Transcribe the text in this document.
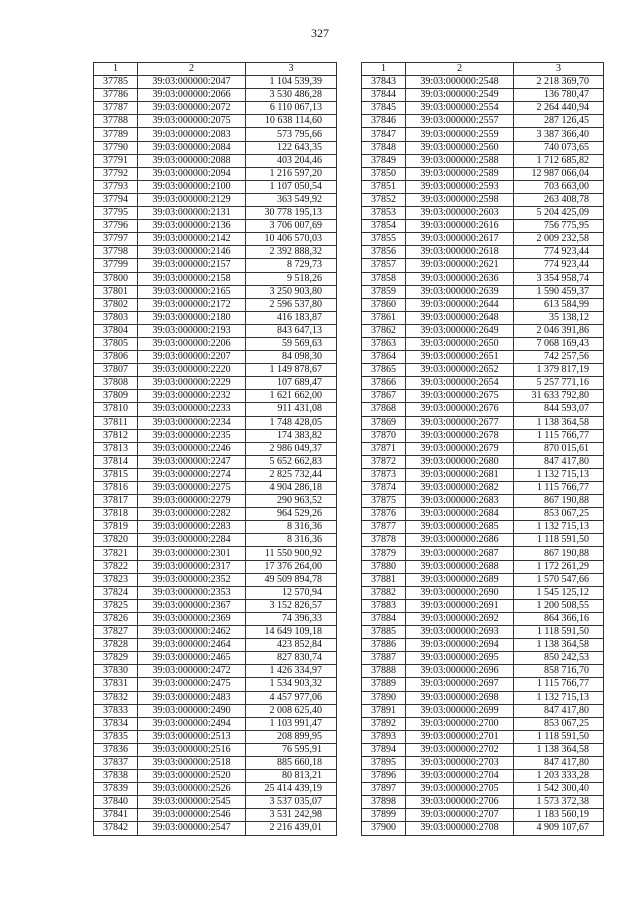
327
1	2	3
37785	39:03:000000:2047	1 104 539,39
37786	39:03:000000:2066	3 530 486,28
37787	39:03:000000:2072	6 110 067,13
37788	39:03:000000:2075	10 638 114,60
37789	39:03:000000:2083	573 795,66
37790	39:03:000000:2084	122 643,35
37791	39:03:000000:2088	403 204,46
37792	39:03:000000:2094	1 216 597,20
37793	39:03:000000:2100	1 107 050,54
37794	39:03:000000:2129	363 549,92
37795	39:03:000000:2131	30 778 195,13
37796	39:03:000000:2136	3 706 007,69
37797	39:03:000000:2142	10 406 570,03
37798	39:03:000000:2146	2 392 888,32
37799	39:03:000000:2157	8 729,73
37800	39:03:000000:2158	9 518,26
37801	39:03:000000:2165	3 250 903,80
37802	39:03:000000:2172	2 596 537,80
37803	39:03:000000:2180	416 183,87
37804	39:03:000000:2193	843 647,13
37805	39:03:000000:2206	59 569,63
37806	39:03:000000:2207	84 098,30
37807	39:03:000000:2220	1 149 878,67
37808	39:03:000000:2229	107 689,47
37809	39:03:000000:2232	1 621 662,00
37810	39:03:000000:2233	911 431,08
37811	39:03:000000:2234	1 748 428,05
37812	39:03:000000:2235	174 383,82
37813	39:03:000000:2246	2 986 049,37
37814	39:03:000000:2247	5 652 662,83
37815	39:03:000000:2274	2 825 732,44
37816	39:03:000000:2275	4 904 286,18
37817	39:03:000000:2279	290 963,52
37818	39:03:000000:2282	964 529,26
37819	39:03:000000:2283	8 316,36
37820	39:03:000000:2284	8 316,36
37821	39:03:000000:2301	11 550 900,92
37822	39:03:000000:2317	17 376 264,00
37823	39:03:000000:2352	49 509 894,78
37824	39:03:000000:2353	12 570,94
37825	39:03:000000:2367	3 152 826,57
37826	39:03:000000:2369	74 396,33
37827	39:03:000000:2462	14 649 109,18
37828	39:03:000000:2464	423 852,84
37829	39:03:000000:2465	827 830,74
37830	39:03:000000:2472	1 426 334,97
37831	39:03:000000:2475	1 534 903,32
37832	39:03:000000:2483	4 457 977,06
37833	39:03:000000:2490	2 008 625,40
37834	39:03:000000:2494	1 103 991,47
37835	39:03:000000:2513	208 899,95
37836	39:03:000000:2516	76 595,91
37837	39:03:000000:2518	885 660,18
37838	39:03:000000:2520	80 813,21
37839	39:03:000000:2526	25 414 439,19
37840	39:03:000000:2545	3 537 035,07
37841	39:03:000000:2546	3 531 242,98
37842	39:03:000000:2547	2 216 439,01
1	2	3
37843	39:03:000000:2548	2 218 369,70
37844	39:03:000000:2549	136 780,47
37845	39:03:000000:2554	2 264 440,94
37846	39:03:000000:2557	287 126,45
37847	39:03:000000:2559	3 387 366,40
37848	39:03:000000:2560	740 073,65
37849	39:03:000000:2588	1 712 685,82
37850	39:03:000000:2589	12 987 066,04
37851	39:03:000000:2593	703 663,00
37852	39:03:000000:2598	263 408,78
37853	39:03:000000:2603	5 204 425,09
37854	39:03:000000:2616	756 775,95
37855	39:03:000000:2617	2 009 232,58
37856	39:03:000000:2618	774 923,44
37857	39:03:000000:2621	774 923,44
37858	39:03:000000:2636	3 354 958,74
37859	39:03:000000:2639	1 590 459,37
37860	39:03:000000:2644	613 584,99
37861	39:03:000000:2648	35 138,12
37862	39:03:000000:2649	2 046 391,86
37863	39:03:000000:2650	7 068 169,43
37864	39:03:000000:2651	742 257,56
37865	39:03:000000:2652	1 379 817,19
37866	39:03:000000:2654	5 257 771,16
37867	39:03:000000:2675	31 633 792,80
37868	39:03:000000:2676	844 593,07
37869	39:03:000000:2677	1 138 364,58
37870	39:03:000000:2678	1 115 766,77
37871	39:03:000000:2679	870 015,61
37872	39:03:000000:2680	847 417,80
37873	39:03:000000:2681	1 132 715,13
37874	39:03:000000:2682	1 115 766,77
37875	39:03:000000:2683	867 190,88
37876	39:03:000000:2684	853 067,25
37877	39:03:000000:2685	1 132 715,13
37878	39:03:000000:2686	1 118 591,50
37879	39:03:000000:2687	867 190,88
37880	39:03:000000:2688	1 172 261,29
37881	39:03:000000:2689	1 570 547,66
37882	39:03:000000:2690	1 545 125,12
37883	39:03:000000:2691	1 200 508,55
37884	39:03:000000:2692	864 366,16
37885	39:03:000000:2693	1 118 591,50
37886	39:03:000000:2694	1 138 364,58
37887	39:03:000000:2695	850 242,53
37888	39:03:000000:2696	858 716,70
37889	39:03:000000:2697	1 115 766,77
37890	39:03:000000:2698	1 132 715,13
37891	39:03:000000:2699	847 417,80
37892	39:03:000000:2700	853 067,25
37893	39:03:000000:2701	1 118 591,50
37894	39:03:000000:2702	1 138 364,58
37895	39:03:000000:2703	847 417,80
37896	39:03:000000:2704	1 203 333,28
37897	39:03:000000:2705	1 542 300,40
37898	39:03:000000:2706	1 573 372,38
37899	39:03:000000:2707	1 183 560,19
37900	39:03:000000:2708	4 909 107,67
